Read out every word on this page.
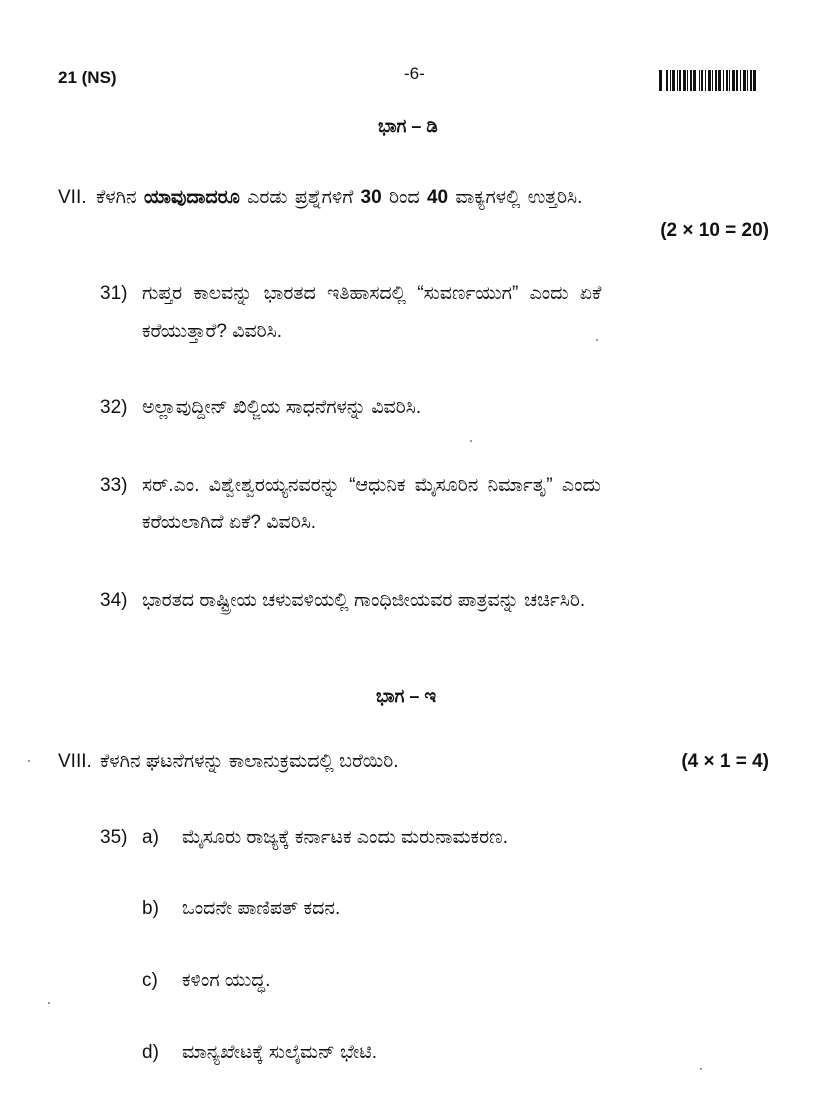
21 (NS)	-6-
ಭಾಗ – ಡಿ
VII. ಕೆಳಗಿನ ಯಾವುದಾದರೂ ಎರಡು ಪ್ರಶ್ನೆಗಳಿಗೆ 30 ರಿಂದ 40 ವಾಕ್ಯಗಳಲ್ಲಿ ಉತ್ತರಿಸಿ.
(2 × 10 = 20)
31) ಗುಪ್ತರ ಕಾಲವನ್ನು ಭಾರತದ ಇತಿಹಾಸದಲ್ಲಿ “ಸುವರ್ಣಯುಗ” ಎಂದು ಏಕೆ
ಕರೆಯುತ್ತಾರೆ? ವಿವರಿಸಿ.
32) ಅಲ್ಲಾವುದ್ದೀನ್ ಖಿಲ್ಜಿಯ ಸಾಧನೆಗಳನ್ನು ವಿವರಿಸಿ.
33) ಸರ್.ಎಂ. ವಿಶ್ವೇಶ್ವರಯ್ಯನವರನ್ನು “ಆಧುನಿಕ ಮೈಸೂರಿನ ನಿರ್ಮಾತೃ” ಎಂದು
ಕರೆಯಲಾಗಿದೆ ಏಕೆ? ವಿವರಿಸಿ.
34) ಭಾರತದ ರಾಷ್ಟ್ರೀಯ ಚಳುವಳಿಯಲ್ಲಿ ಗಾಂಧಿಜೀಯವರ ಪಾತ್ರವನ್ನು ಚರ್ಚಿಸಿರಿ.
ಭಾಗ – ಇ
VIII. ಕೆಳಗಿನ ಘಟನೆಗಳನ್ನು ಕಾಲಾನುಕ್ರಮದಲ್ಲಿ ಬರೆಯಿರಿ.	(4 × 1 = 4)
35) a) ಮೈಸೂರು ರಾಜ್ಯಕ್ಕೆ ಕರ್ನಾಟಕ ಎಂದು ಮರುನಾಮಕರಣ.
b) ಒಂದನೇ ಪಾಣಿಪತ್ ಕದನ.
c) ಕಳಿಂಗ ಯುದ್ಧ.
d) ಮಾನ್ಯಖೇಟಕ್ಕೆ ಸುಲೈಮನ್ ಭೇಟಿ.
